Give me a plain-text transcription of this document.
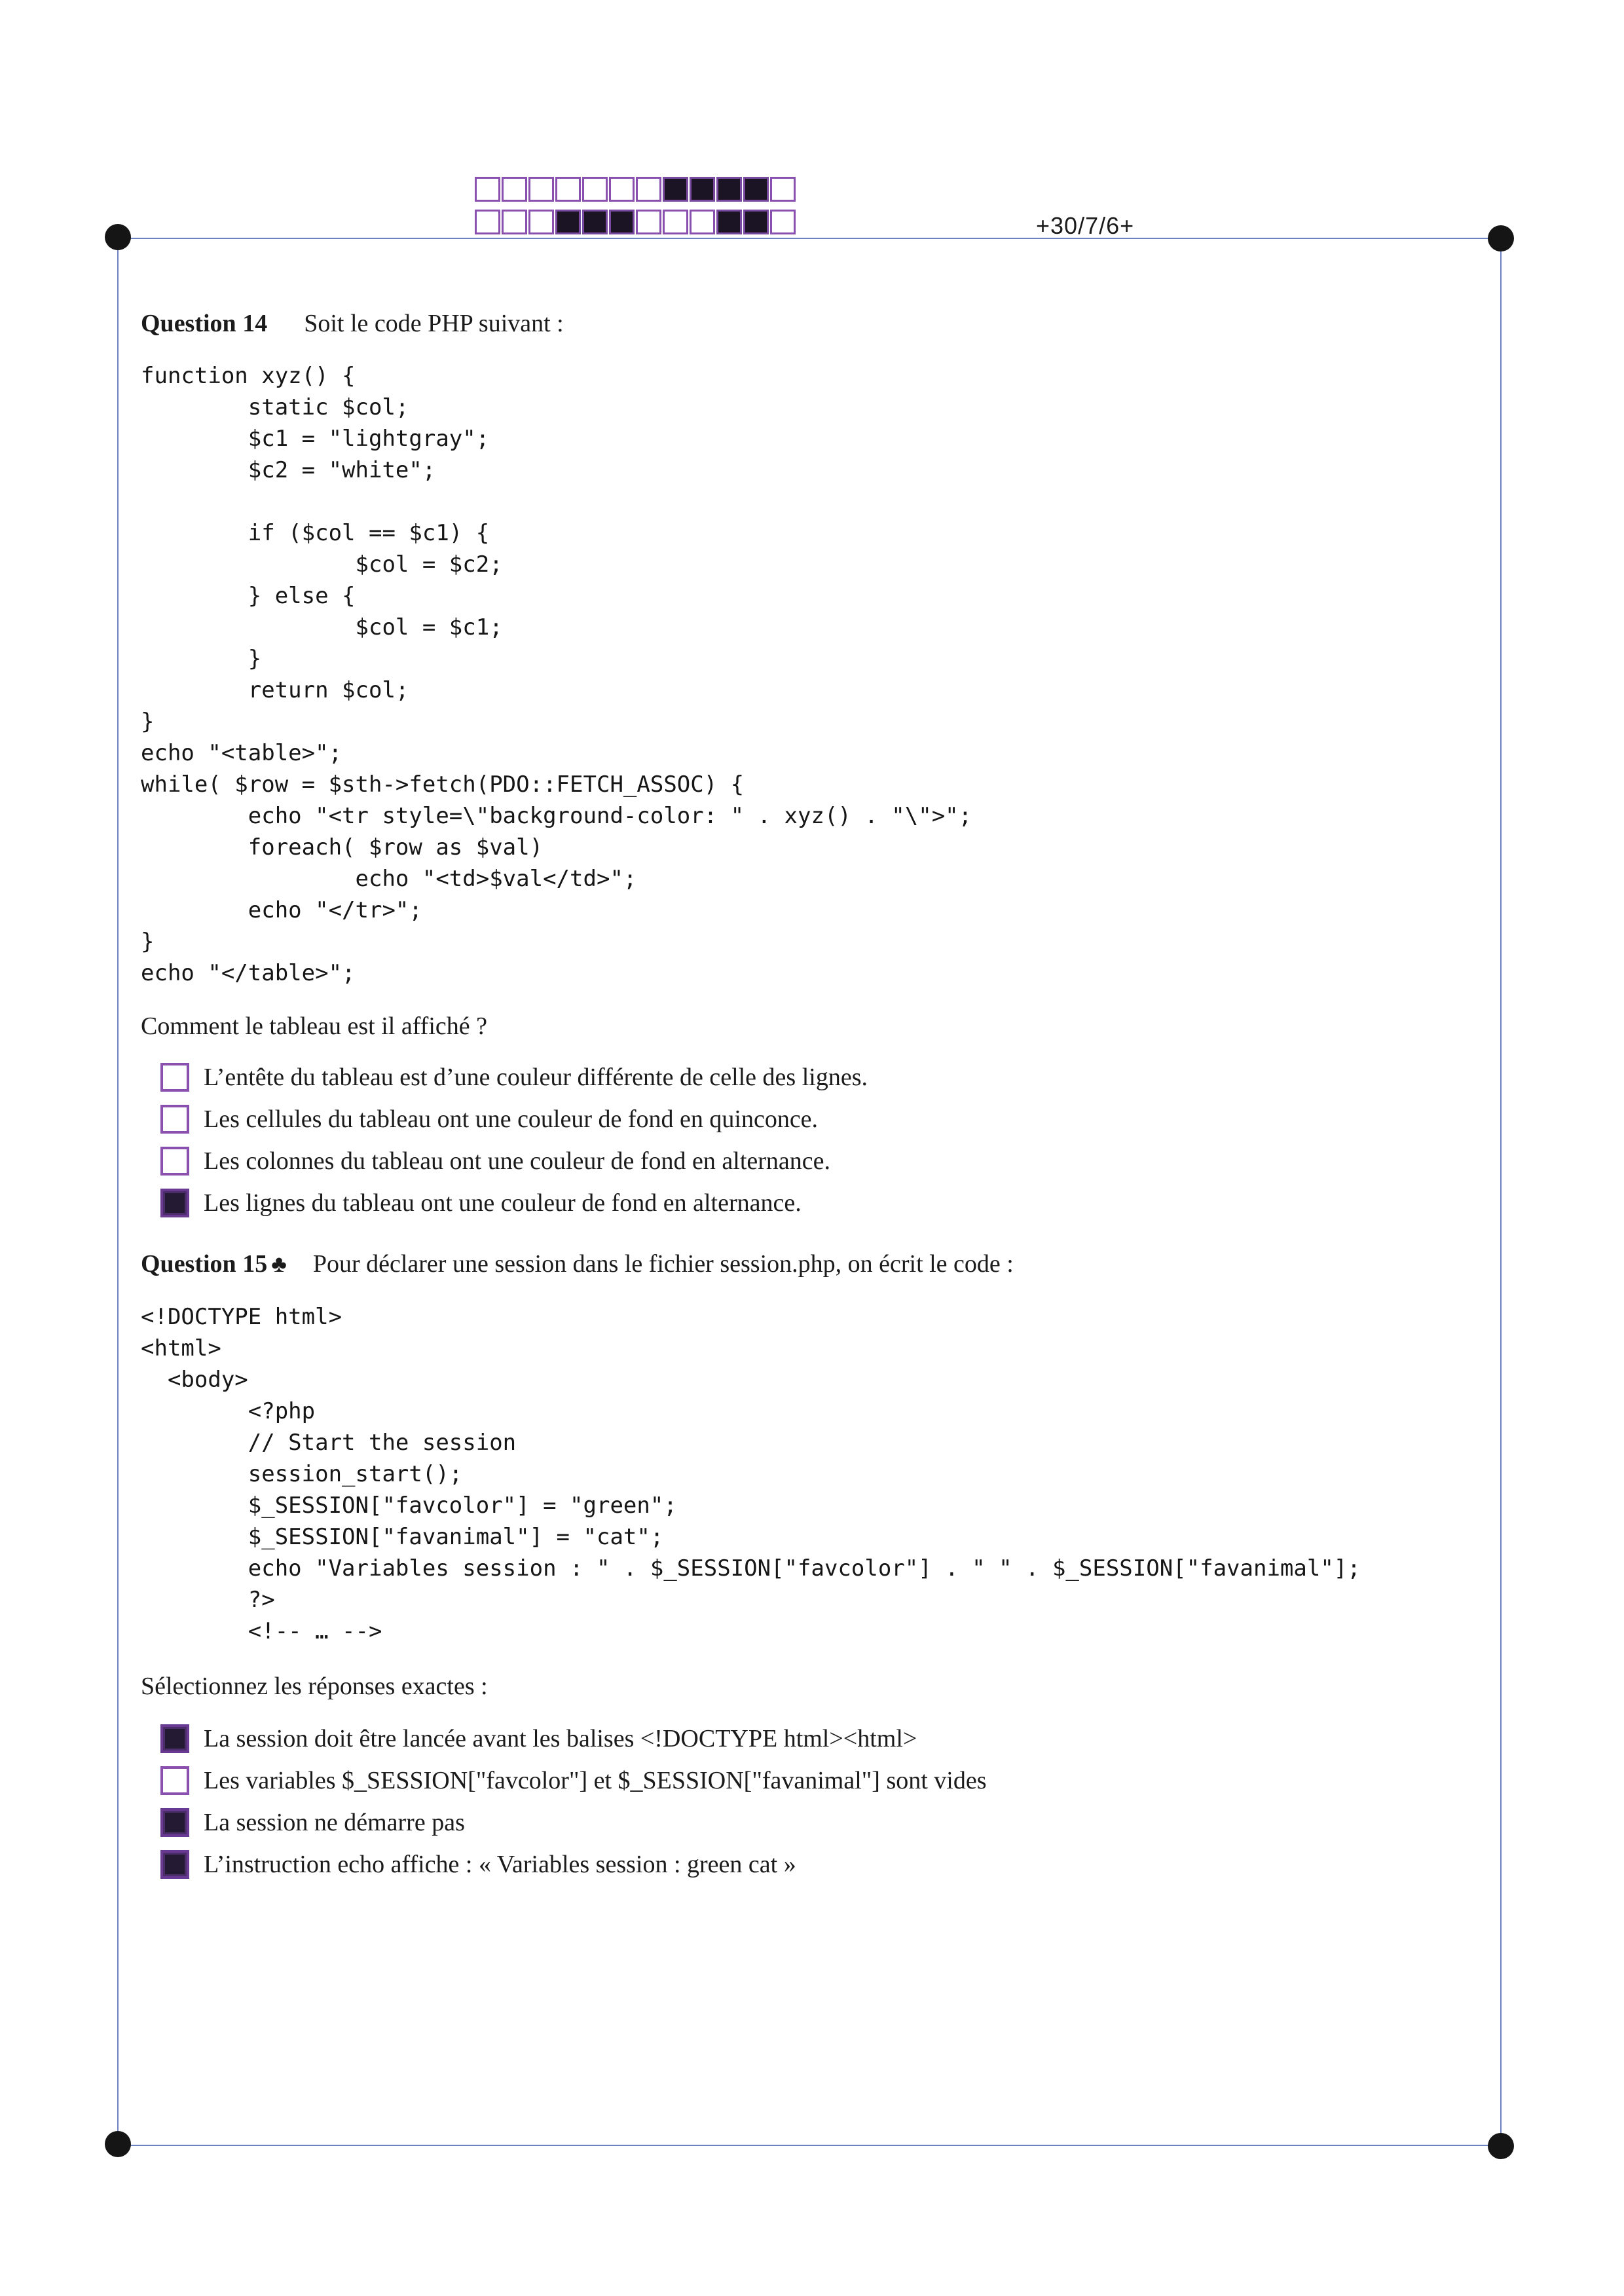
+30/7/6+
Question 14 Soit le code PHP suivant :
function xyz() {
static $col;
$c1 = "lightgray";
$c2 = "white";

if ($col == $c1) {
$col = $c2;
} else {
$col = $c1;
}
return $col;
}
echo "<table>";
while( $row = $sth->fetch(PDO::FETCH_ASSOC) {
echo "<tr style=\"background-color: " . xyz() . "\">";
foreach( $row as $val)
echo "<td>$val</td>";
echo "</tr>";
}
echo "</table>";
Comment le tableau est il affiché ?
L’entête du tableau est d’une couleur différente de celle des lignes.
Les cellules du tableau ont une couleur de fond en quinconce.
Les colonnes du tableau ont une couleur de fond en alternance.
Les lignes du tableau ont une couleur de fond en alternance.
Question 15 ♣ Pour déclarer une session dans le fichier session.php, on écrit le code :
<!DOCTYPE html>
<html>
<body>
<?php
// Start the session
session_start();
$_SESSION["favcolor"] = "green";
$_SESSION["favanimal"] = "cat";
echo "Variables session : " . $_SESSION["favcolor"] . " " . $_SESSION["favanimal"];
?>
<!-- … -->
Sélectionnez les réponses exactes :
La session doit être lancée avant les balises <!DOCTYPE html><html>
Les variables $_SESSION["favcolor"] et $_SESSION["favanimal"] sont vides
La session ne démarre pas
L’instruction echo affiche : « Variables session : green cat »
